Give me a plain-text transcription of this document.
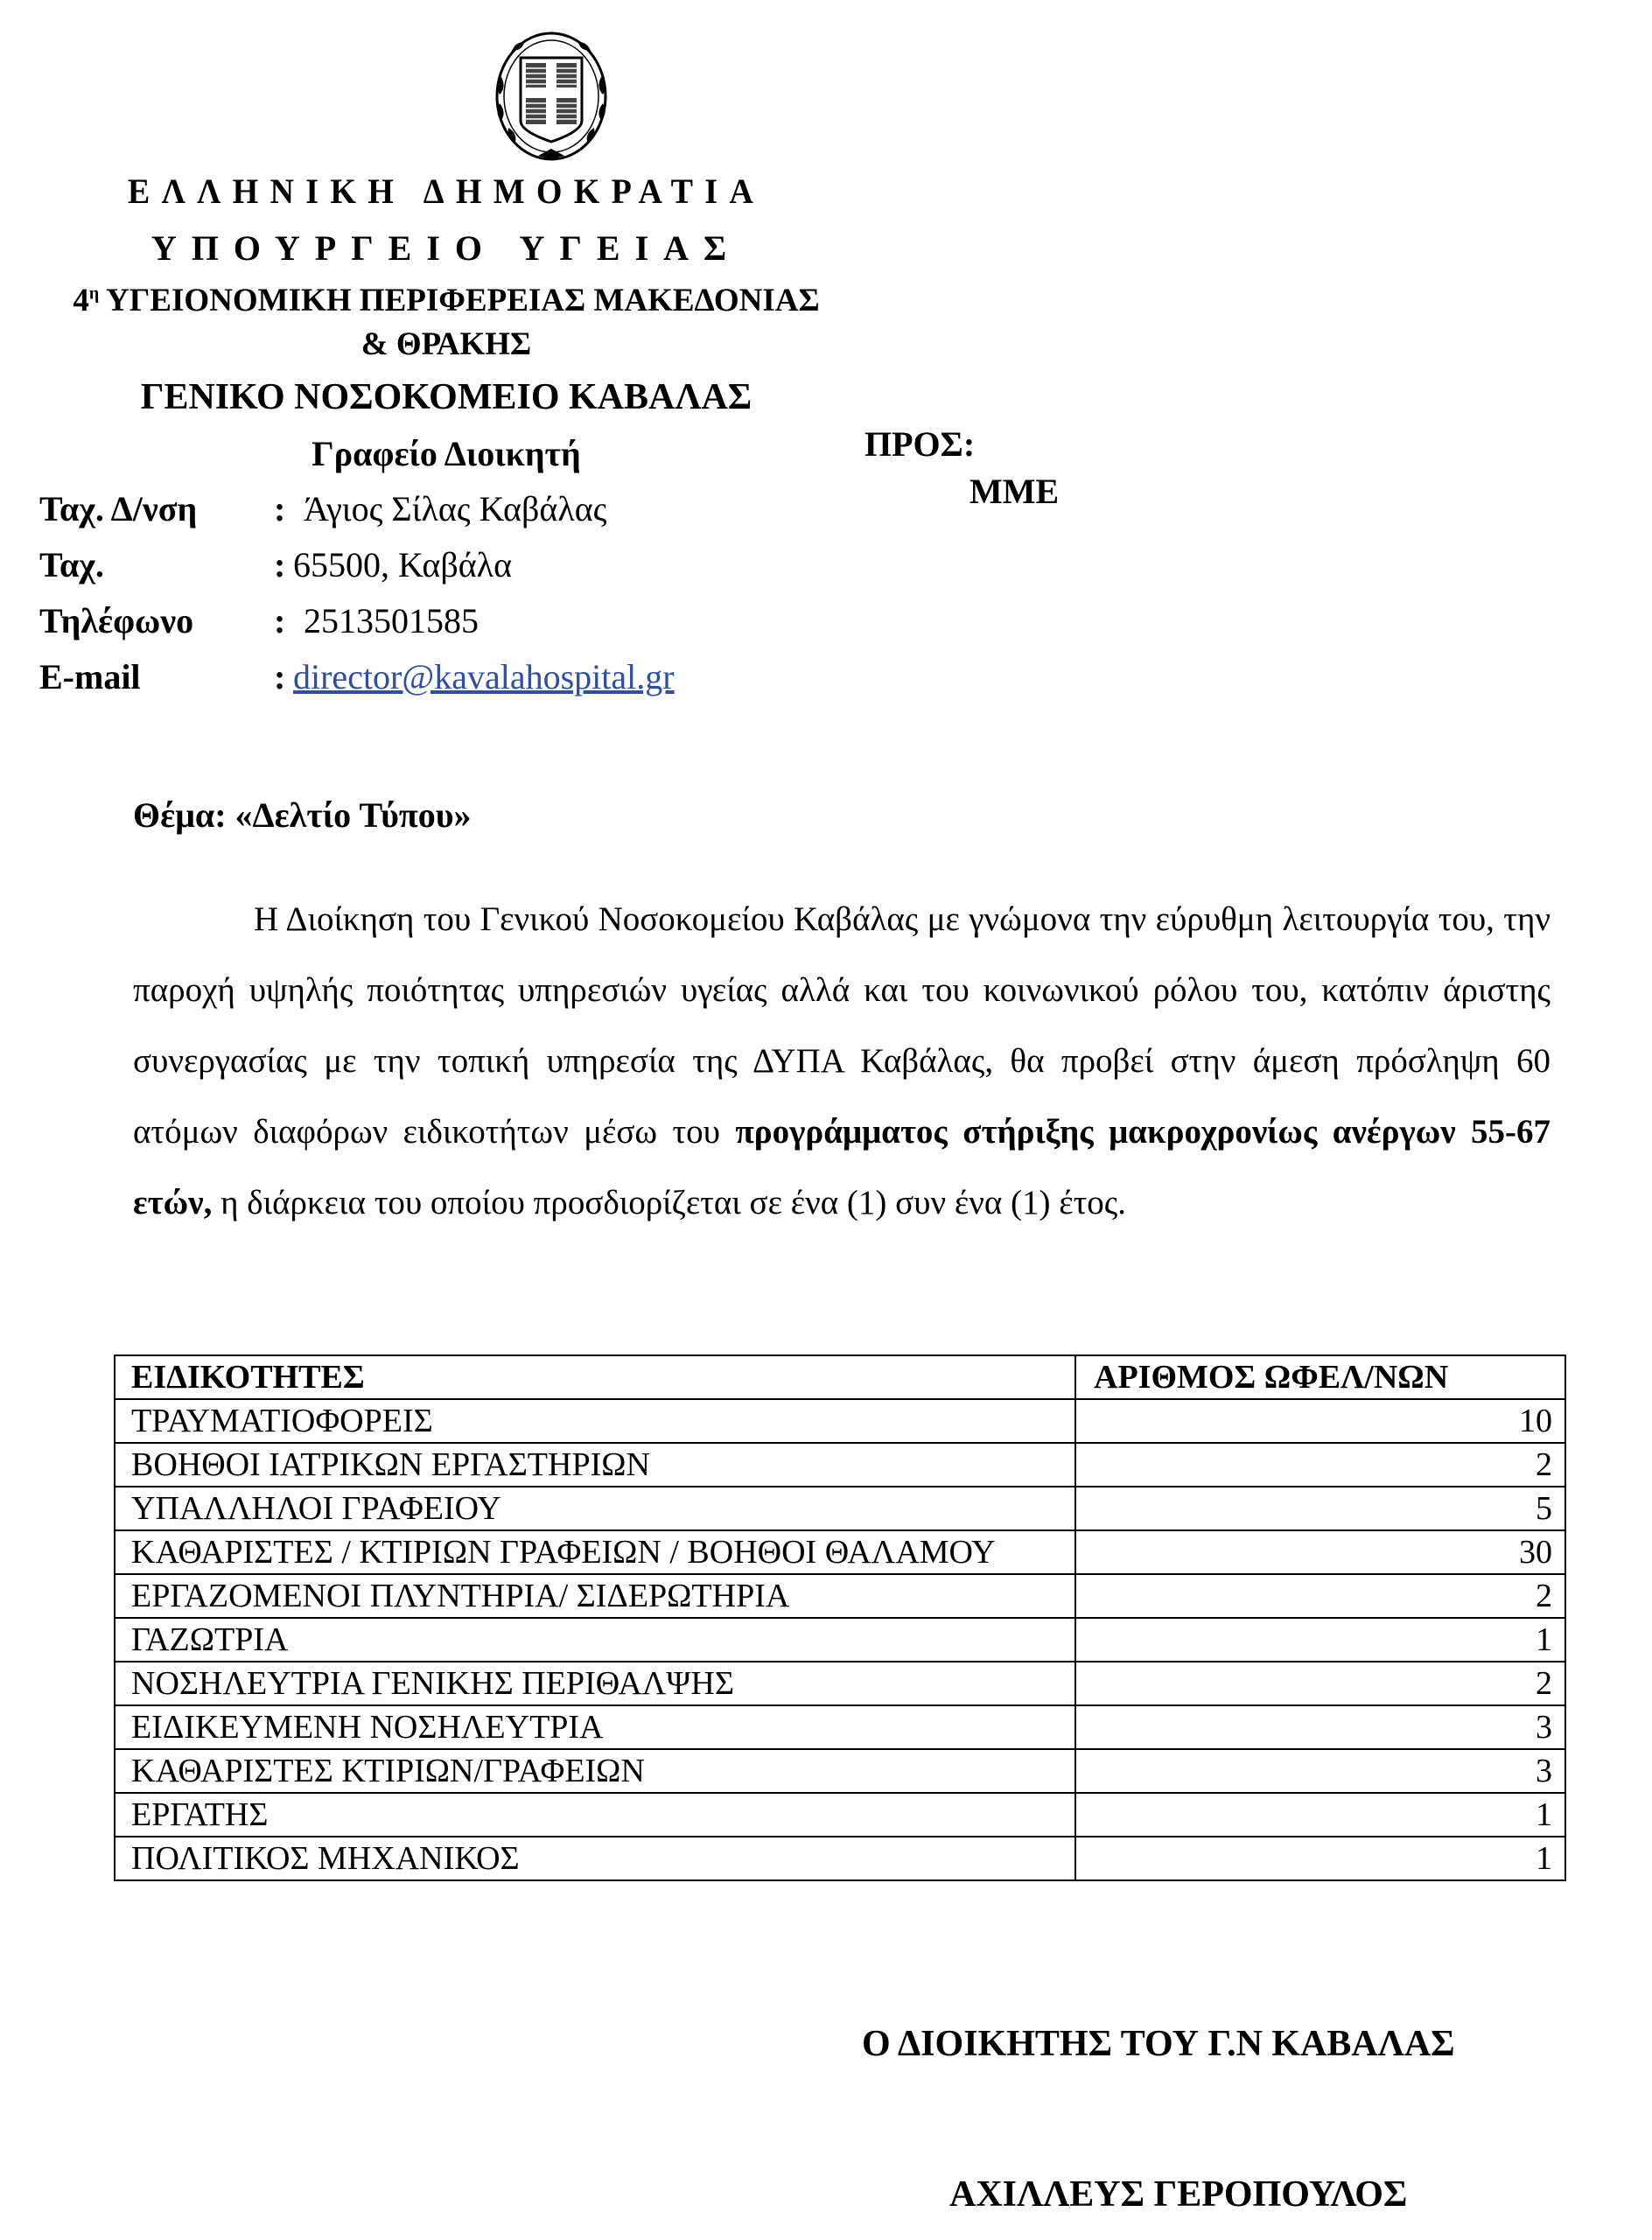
ΕΛΛΗΝΙΚΗ ΔΗΜΟΚΡΑΤΙΑ
ΥΠΟΥΡΓΕΙΟ ΥΓΕΙΑΣ
$4^\eta$ ΥΓΕΙΟΝΟΜΙΚΗ ΠΕΡΙΦΕΡΕΙΑΣ ΜΑΚΕΔΟΝΙΑΣ
& ΘΡΑΚΗΣ
ΓΕΝΙΚΟ ΝΟΣΟΚΟΜΕΙΟ ΚΑΒΑΛΑΣ
Γραφείο Διοικητή	ΠΡΟΣ:
ΜΜΕ
Ταχ. Δ/νση : Άγιος Σίλας Καβάλας
Ταχ.	: 65500, Καβάλα
Τηλέφωνο : 2513501585
E-mail	: director@kavalahospital.gr
Θέμα: «Δελτίο Τύπου»
Η Διοίκηση του Γενικού Νοσοκομείου Καβάλας με γνώμονα την εύρυθμη λειτουργία του, την παροχή υψηλής ποιότητας υπηρεσιών υγείας αλλά και του κοινωνικού ρόλου του, κατόπιν άριστης συνεργασίας με την τοπική υπηρεσία της ΔΥΠΑ Καβάλας, θα προβεί στην άμεση πρόσληψη 60 ατόμων διαφόρων ειδικοτήτων μέσω του προγράμματος στήριξης μακροχρονίως ανέργων 55-67 ετών, η διάρκεια του οποίου προσδιορίζεται σε ένα (1) συν ένα (1) έτος.
ΕΙΔΙΚΟΤΗΤΕΣ	ΑΡΙΘΜΟΣ ΩΦΕΛ/ΝΩΝ
ΤΡΑΥΜΑΤΙΟΦΟΡΕΙΣ	10
ΒΟΗΘΟΙ ΙΑΤΡΙΚΩΝ ΕΡΓΑΣΤΗΡΙΩΝ	2
ΥΠΑΛΛΗΛΟΙ ΓΡΑΦΕΙΟΥ	5
ΚΑΘΑΡΙΣΤΕΣ / ΚΤΙΡΙΩΝ ΓΡΑΦΕΙΩΝ / ΒΟΗΘΟΙ ΘΑΛΑΜΟΥ	30
ΕΡΓΑΖΟΜΕΝΟΙ ΠΛΥΝΤΗΡΙΑ/ ΣΙΔΕΡΩΤΗΡΙΑ	2
ΓΑΖΩΤΡΙΑ	1
ΝΟΣΗΛΕΥΤΡΙΑ ΓΕΝΙΚΗΣ ΠΕΡΙΘΑΛΨΗΣ	2
ΕΙΔΙΚΕΥΜΕΝΗ ΝΟΣΗΛΕΥΤΡΙΑ	3
ΚΑΘΑΡΙΣΤΕΣ ΚΤΙΡΙΩΝ/ΓΡΑΦΕΙΩΝ	3
ΕΡΓΑΤΗΣ	1
ΠΟΛΙΤΙΚΟΣ ΜΗΧΑΝΙΚΟΣ	1
Ο ΔΙΟΙΚΗΤΗΣ ΤΟΥ Γ.Ν ΚΑΒΑΛΑΣ
ΑΧΙΛΛΕΥΣ ΓΕΡΟΠΟΥΛΟΣ
